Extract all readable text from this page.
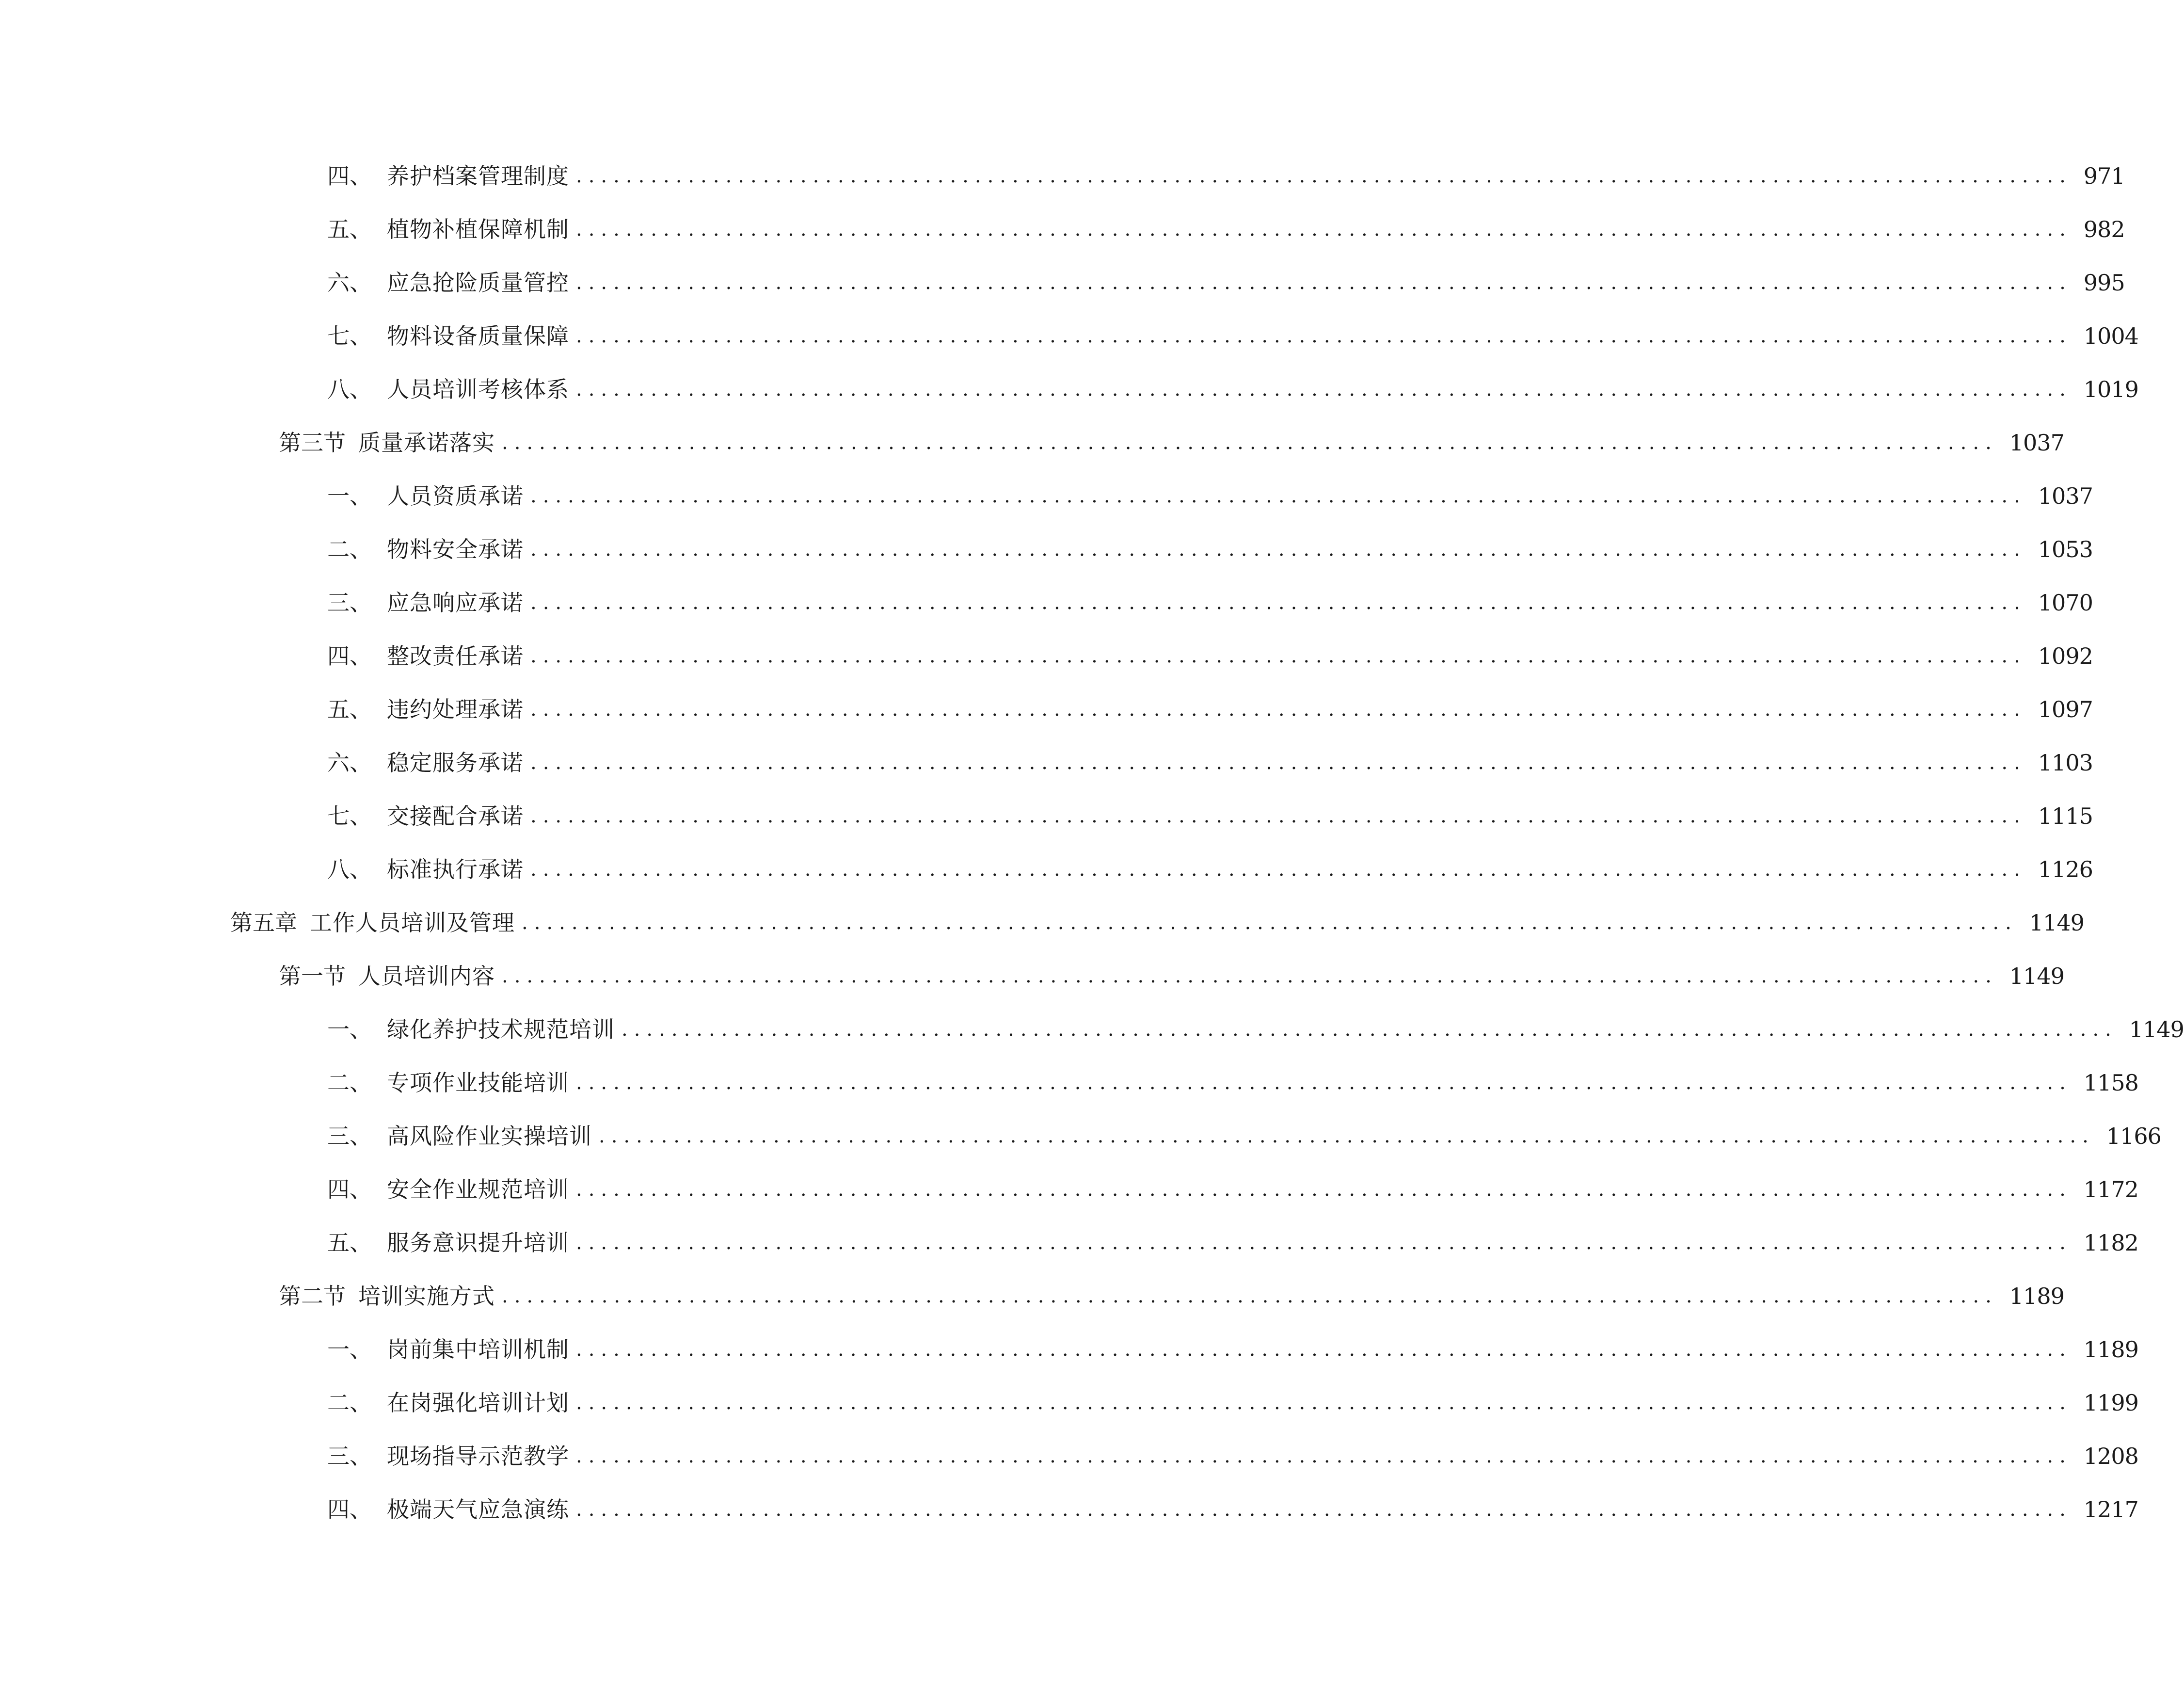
四、 养护档案管理制度 ........................................................................................................................ 971
五、 植物补植保障机制 ........................................................................................................................ 982
六、 应急抢险质量管控 ........................................................................................................................ 995
七、 物料设备质量保障 ........................................................................................................................ 1004
八、 人员培训考核体系 ........................................................................................................................ 1019
第三节 质量承诺落实 ........................................................................................................................ 1037
一、 人员资质承诺 ........................................................................................................................ 1037
二、 物料安全承诺 ........................................................................................................................ 1053
三、 应急响应承诺 ........................................................................................................................ 1070
四、 整改责任承诺 ........................................................................................................................ 1092
五、 违约处理承诺 ........................................................................................................................ 1097
六、 稳定服务承诺 ........................................................................................................................ 1103
七、 交接配合承诺 ........................................................................................................................ 1115
八、 标准执行承诺 ........................................................................................................................ 1126
第五章 工作人员培训及管理 ........................................................................................................................ 1149
第一节 人员培训内容 ........................................................................................................................ 1149
一、 绿化养护技术规范培训 ........................................................................................................................ 1149
二、 专项作业技能培训 ........................................................................................................................ 1158
三、 高风险作业实操培训 ........................................................................................................................ 1166
四、 安全作业规范培训 ........................................................................................................................ 1172
五、 服务意识提升培训 ........................................................................................................................ 1182
第二节 培训实施方式 ........................................................................................................................ 1189
一、 岗前集中培训机制 ........................................................................................................................ 1189
二、 在岗强化培训计划 ........................................................................................................................ 1199
三、 现场指导示范教学 ........................................................................................................................ 1208
四、 极端天气应急演练 ........................................................................................................................ 1217
